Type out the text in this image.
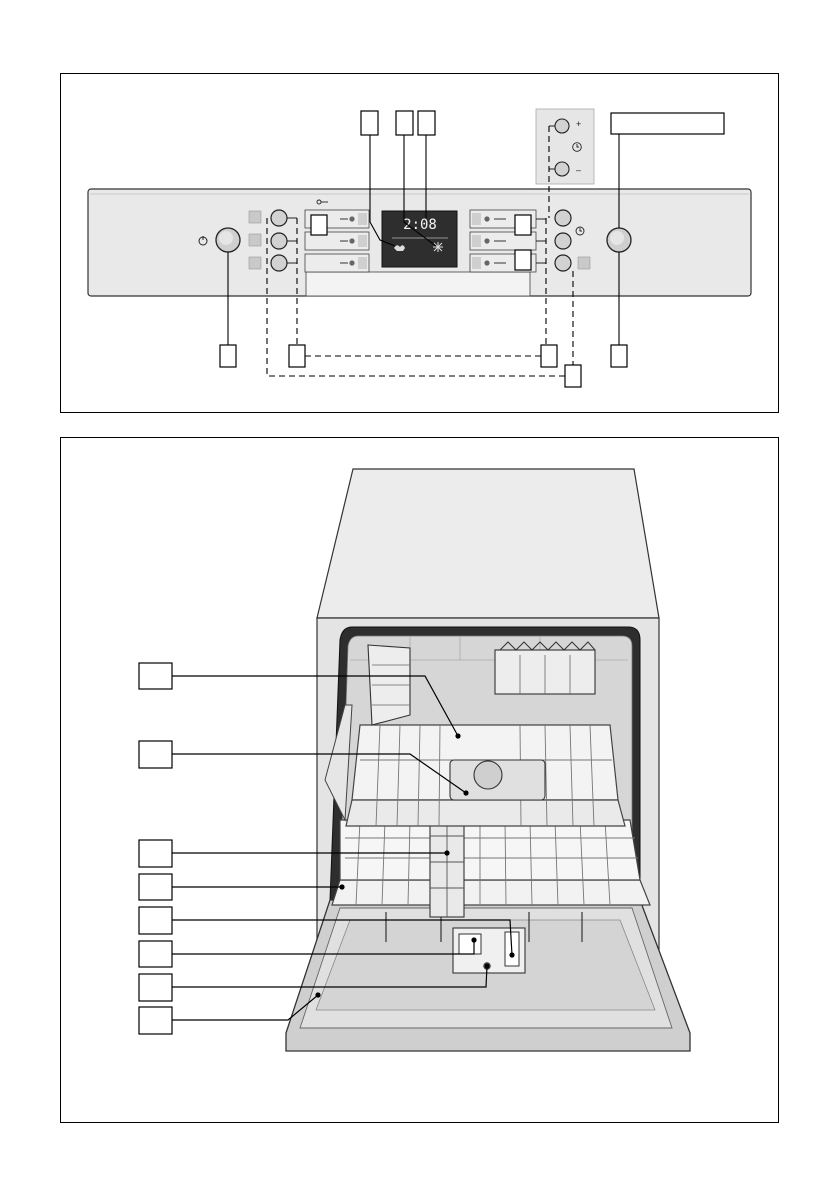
2:08
+
–
